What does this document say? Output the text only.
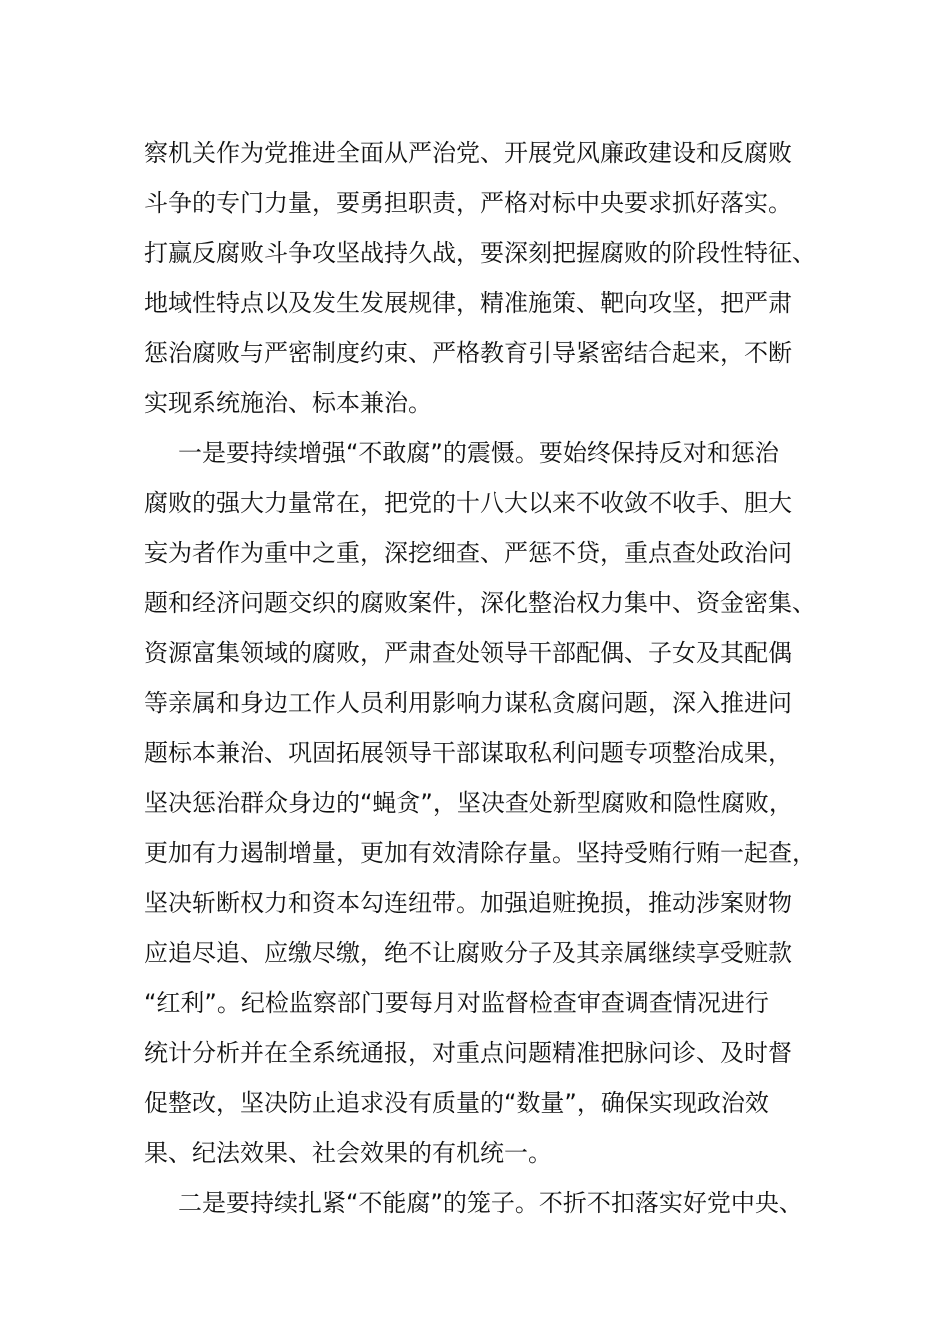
察机关作为党推进全面从严治党、开展党风廉政建设和反腐败

斗争的专门力量，要勇担职责，严格对标中央要求抓好落实。

打赢反腐败斗争攻坚战持久战，要深刻把握腐败的阶段性特征、

地域性特点以及发生发展规律，精准施策、靶向攻坚，把严肃

惩治腐败与严密制度约束、严格教育引导紧密结合起来，不断

实现系统施治、标本兼治。

一是要持续增强“不敢腐”的震慑。要始终保持反对和惩治

腐败的强大力量常在，把党的十八大以来不收敛不收手、胆大

妄为者作为重中之重，深挖细查、严惩不贷，重点查处政治问

题和经济问题交织的腐败案件，深化整治权力集中、资金密集、

资源富集领域的腐败，严肃查处领导干部配偶、子女及其配偶

等亲属和身边工作人员利用影响力谋私贪腐问题，深入推进问

题标本兼治、巩固拓展领导干部谋取私利问题专项整治成果，

坚决惩治群众身边的“蝇贪”，坚决查处新型腐败和隐性腐败，

更加有力遏制增量，更加有效清除存量。坚持受贿行贿一起查，

坚决斩断权力和资本勾连纽带。加强追赃挽损，推动涉案财物

应追尽追、应缴尽缴，绝不让腐败分子及其亲属继续享受赃款

“红利”。纪检监察部门要每月对监督检查审查调查情况进行

统计分析并在全系统通报，对重点问题精准把脉问诊、及时督

促整改，坚决防止追求没有质量的“数量”，确保实现政治效

果、纪法效果、社会效果的有机统一。

二是要持续扎紧“不能腐”的笼子。不折不扣落实好党中央、
